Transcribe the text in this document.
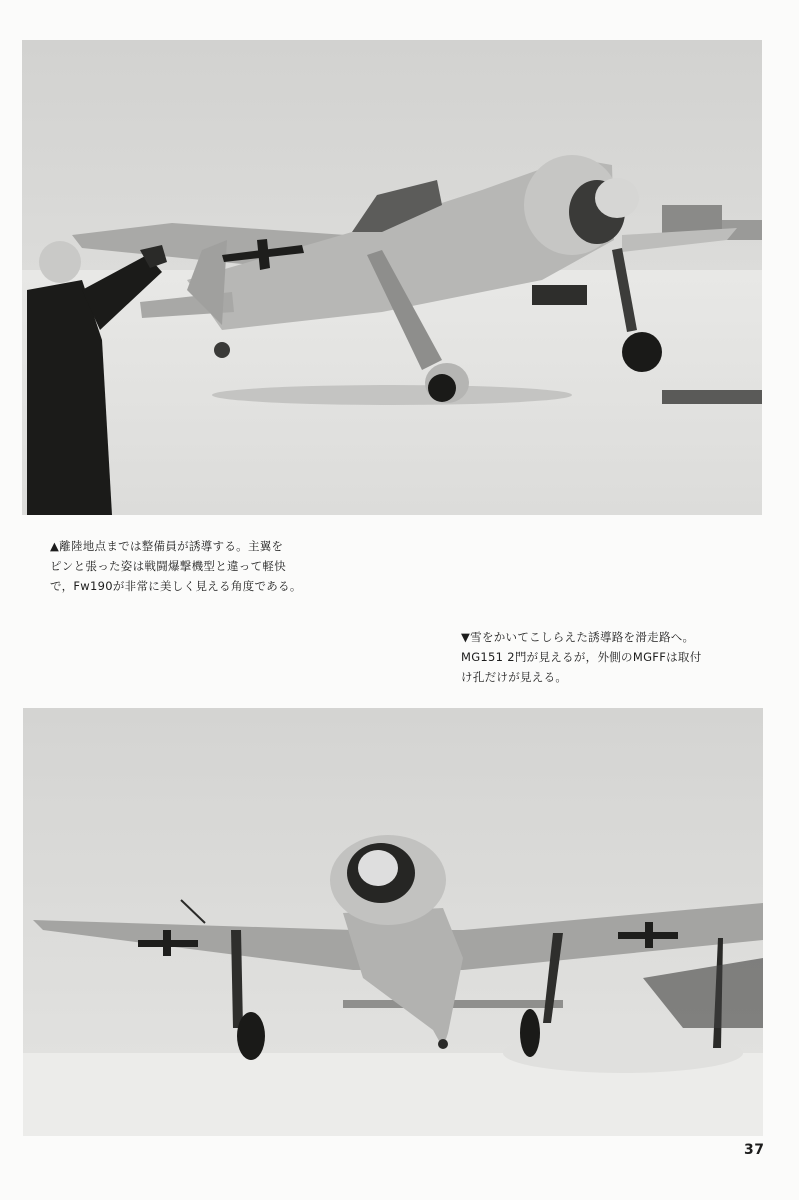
▲離陸地点までは整備員が誘導する。主翼を
ピンと張った姿は戦闘爆撃機型と違って軽快
で，Fw190が非常に美しく見える角度である。

▼雪をかいてこしらえた誘導路を滑走路へ。
MG151 2門が見えるが，外側のMGFFは取付
け孔だけが見える。

37
